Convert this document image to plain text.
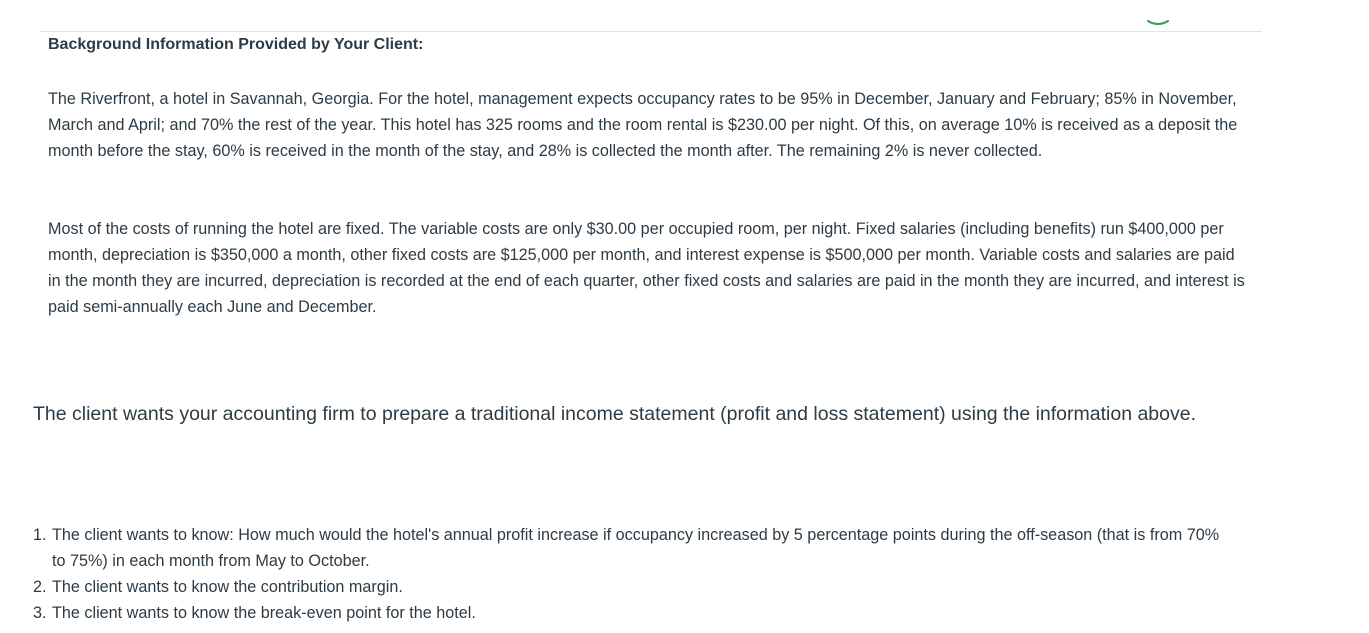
Background Information Provided by Your Client:

The Riverfront, a hotel in Savannah, Georgia. For the hotel, management expects occupancy rates to be 95% in December, January and February; 85% in November, March and April; and 70% the rest of the year. This hotel has 325 rooms and the room rental is $230.00 per night. Of this, on average 10% is received as a deposit the month before the stay, 60% is received in the month of the stay, and 28% is collected the month after. The remaining 2% is never collected.

Most of the costs of running the hotel are fixed. The variable costs are only $30.00 per occupied room, per night. Fixed salaries (including benefits) run $400,000 per month, depreciation is $350,000 a month, other fixed costs are $125,000 per month, and interest expense is $500,000 per month. Variable costs and salaries are paid in the month they are incurred, depreciation is recorded at the end of each quarter, other fixed costs and salaries are paid in the month they are incurred, and interest is paid semi-annually each June and December.

The client wants your accounting firm to prepare a traditional income statement (profit and loss statement) using the information above.

1. The client wants to know: How much would the hotel's annual profit increase if occupancy increased by 5 percentage points during the off-season (that is from 70% to 75%) in each month from May to October.
2. The client wants to know the contribution margin.
3. The client wants to know the break-even point for the hotel.
